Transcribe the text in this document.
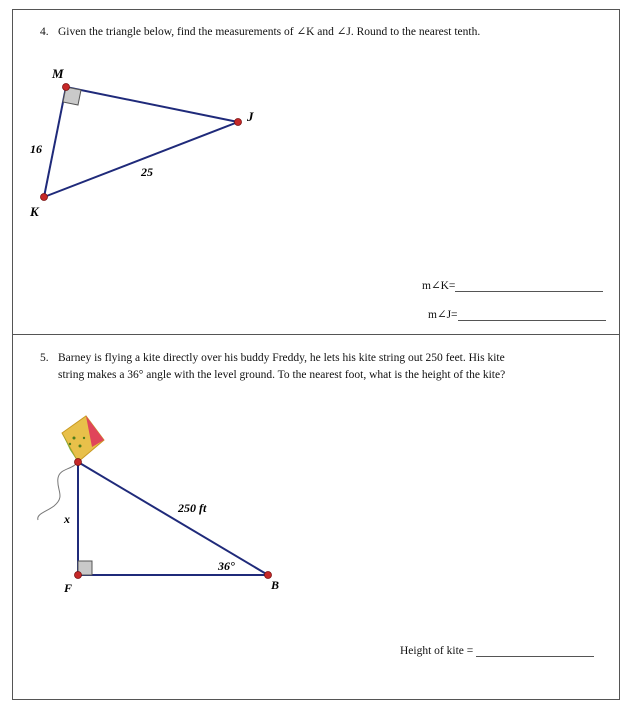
4. Given the triangle below, find the measurements of ∠K and ∠J. Round to the nearest tenth.
M
J
K
16
25
250 ft
36°
x
F	B
m∠K=
m∠J=
5. Barney is flying a kite directly over his buddy Freddy, he lets his kite string out 250 feet. His kite
string makes a 36° angle with the level ground. To the nearest foot, what is the height of the kite?
Height of kite =
